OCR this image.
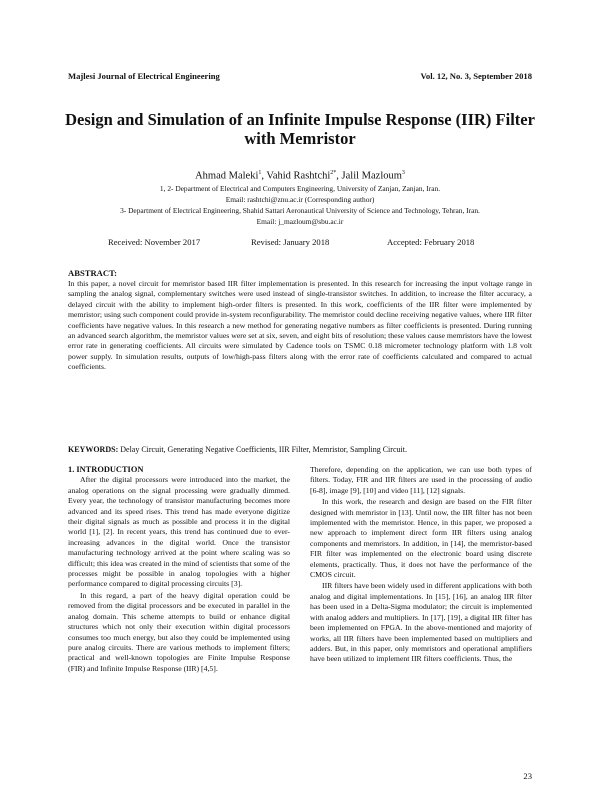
Majlesi Journal of Electrical Engineering	Vol. 12, No. 3, September 2018
Design and Simulation of an Infinite Impulse Response (IIR) Filter with Memristor
Ahmad Maleki$^1$, Vahid Rashtchi$^{2*}$, Jalil Mazloum$^3$
1, 2- Department of Electrical and Computers Engineering, University of Zanjan, Zanjan, Iran.
Email: rashtchi@znu.ac.ir (Corresponding author)
3- Department of Electrical Engineering, Shahid Sattari Aeronautical University of Science and Technology, Tehran, Iran.
Email: j_mazloum@sbu.ac.ir
Received: November 2017	Revised: January 2018	Accepted: February 2018
ABSTRACT:
In this paper, a novel circuit for memristor based IIR filter implementation is presented. In this research for increasing the input voltage range in sampling the analog signal, complementary switches were used instead of single-transistor switches. In addition, to increase the filter accuracy, a delayed circuit with the ability to implement high-order filters is presented. In this work, coefficients of the IIR filter were implemented by memristor; using such component could provide in-system reconfigurability. The memristor could decline receiving negative values, where IIR filter coefficients have negative values. In this research a new method for generating negative numbers as filter coefficients is presented. During running an advanced search algorithm, the memristor values were set at six, seven, and eight bits of resolution; these values cause memristors have the lowest error rate in generating coefficients. All circuits were simulated by Cadence tools on TSMC 0.18 micrometer technology platform with 1.8 volt power supply. In simulation results, outputs of low/high-pass filters along with the error rate of coefficients calculated and compared to actual coefficients.
KEYWORDS: Delay Circuit, Generating Negative Coefficients, IIR Filter, Memristor, Sampling Circuit.
1. INTRODUCTION

After the digital processors were introduced into the market, the analog operations on the signal processing were gradually dimmed. Every year, the technology of transistor manufacturing becomes more advanced and its speed rises. This trend has made everyone digitize their digital signals as much as possible and process it in the digital world [1], [2]. In recent years, this trend has continued due to ever-increasing advances in the digital world. Once the transistor manufacturing technology arrived at the point where scaling was so difficult; this idea was created in the mind of scientists that some of the processes might be possible in analog topologies with a higher performance compared to digital processing circuits [3].

In this regard, a part of the heavy digital operation could be removed from the digital processors and be executed in parallel in the analog domain. This scheme attempts to build or enhance digital structures which not only their execution within digital processors consumes too much energy, but also they could be implemented using pure analog circuits. There are various methods to implement filters; practical and well-known topologies are Finite Impulse Response (FIR) and Infinite Impulse Response (IIR) [4,5].

Therefore, depending on the application, we can use both types of filters. Today, FIR and IIR filters are used in the processing of audio [6-8], image [9], [10] and video [11], [12] signals.

In this work, the research and design are based on the FIR filter designed with memristor in [13]. Until now, the IIR filter has not been implemented with the memristor. Hence, in this paper, we proposed a new approach to implement direct form IIR filters using analog components and memristors. In addition, in [14], the memristor-based FIR filter was implemented on the electronic board using discrete elements, practically. Thus, it does not have the performance of the CMOS circuit.

IIR filters have been widely used in different applications with both analog and digital implementations. In [15], [16], an analog IIR filter has been used in a Delta-Sigma modulator; the circuit is implemented with analog adders and multipliers. In [17], [19], a digital IIR filter has been implemented on FPGA. In the above-mentioned and majority of works, all IIR filters have been implemented based on multipliers and adders. But, in this paper, only memristors and operational amplifiers have been utilized to implement IIR filters coefficients. Thus, the

23
